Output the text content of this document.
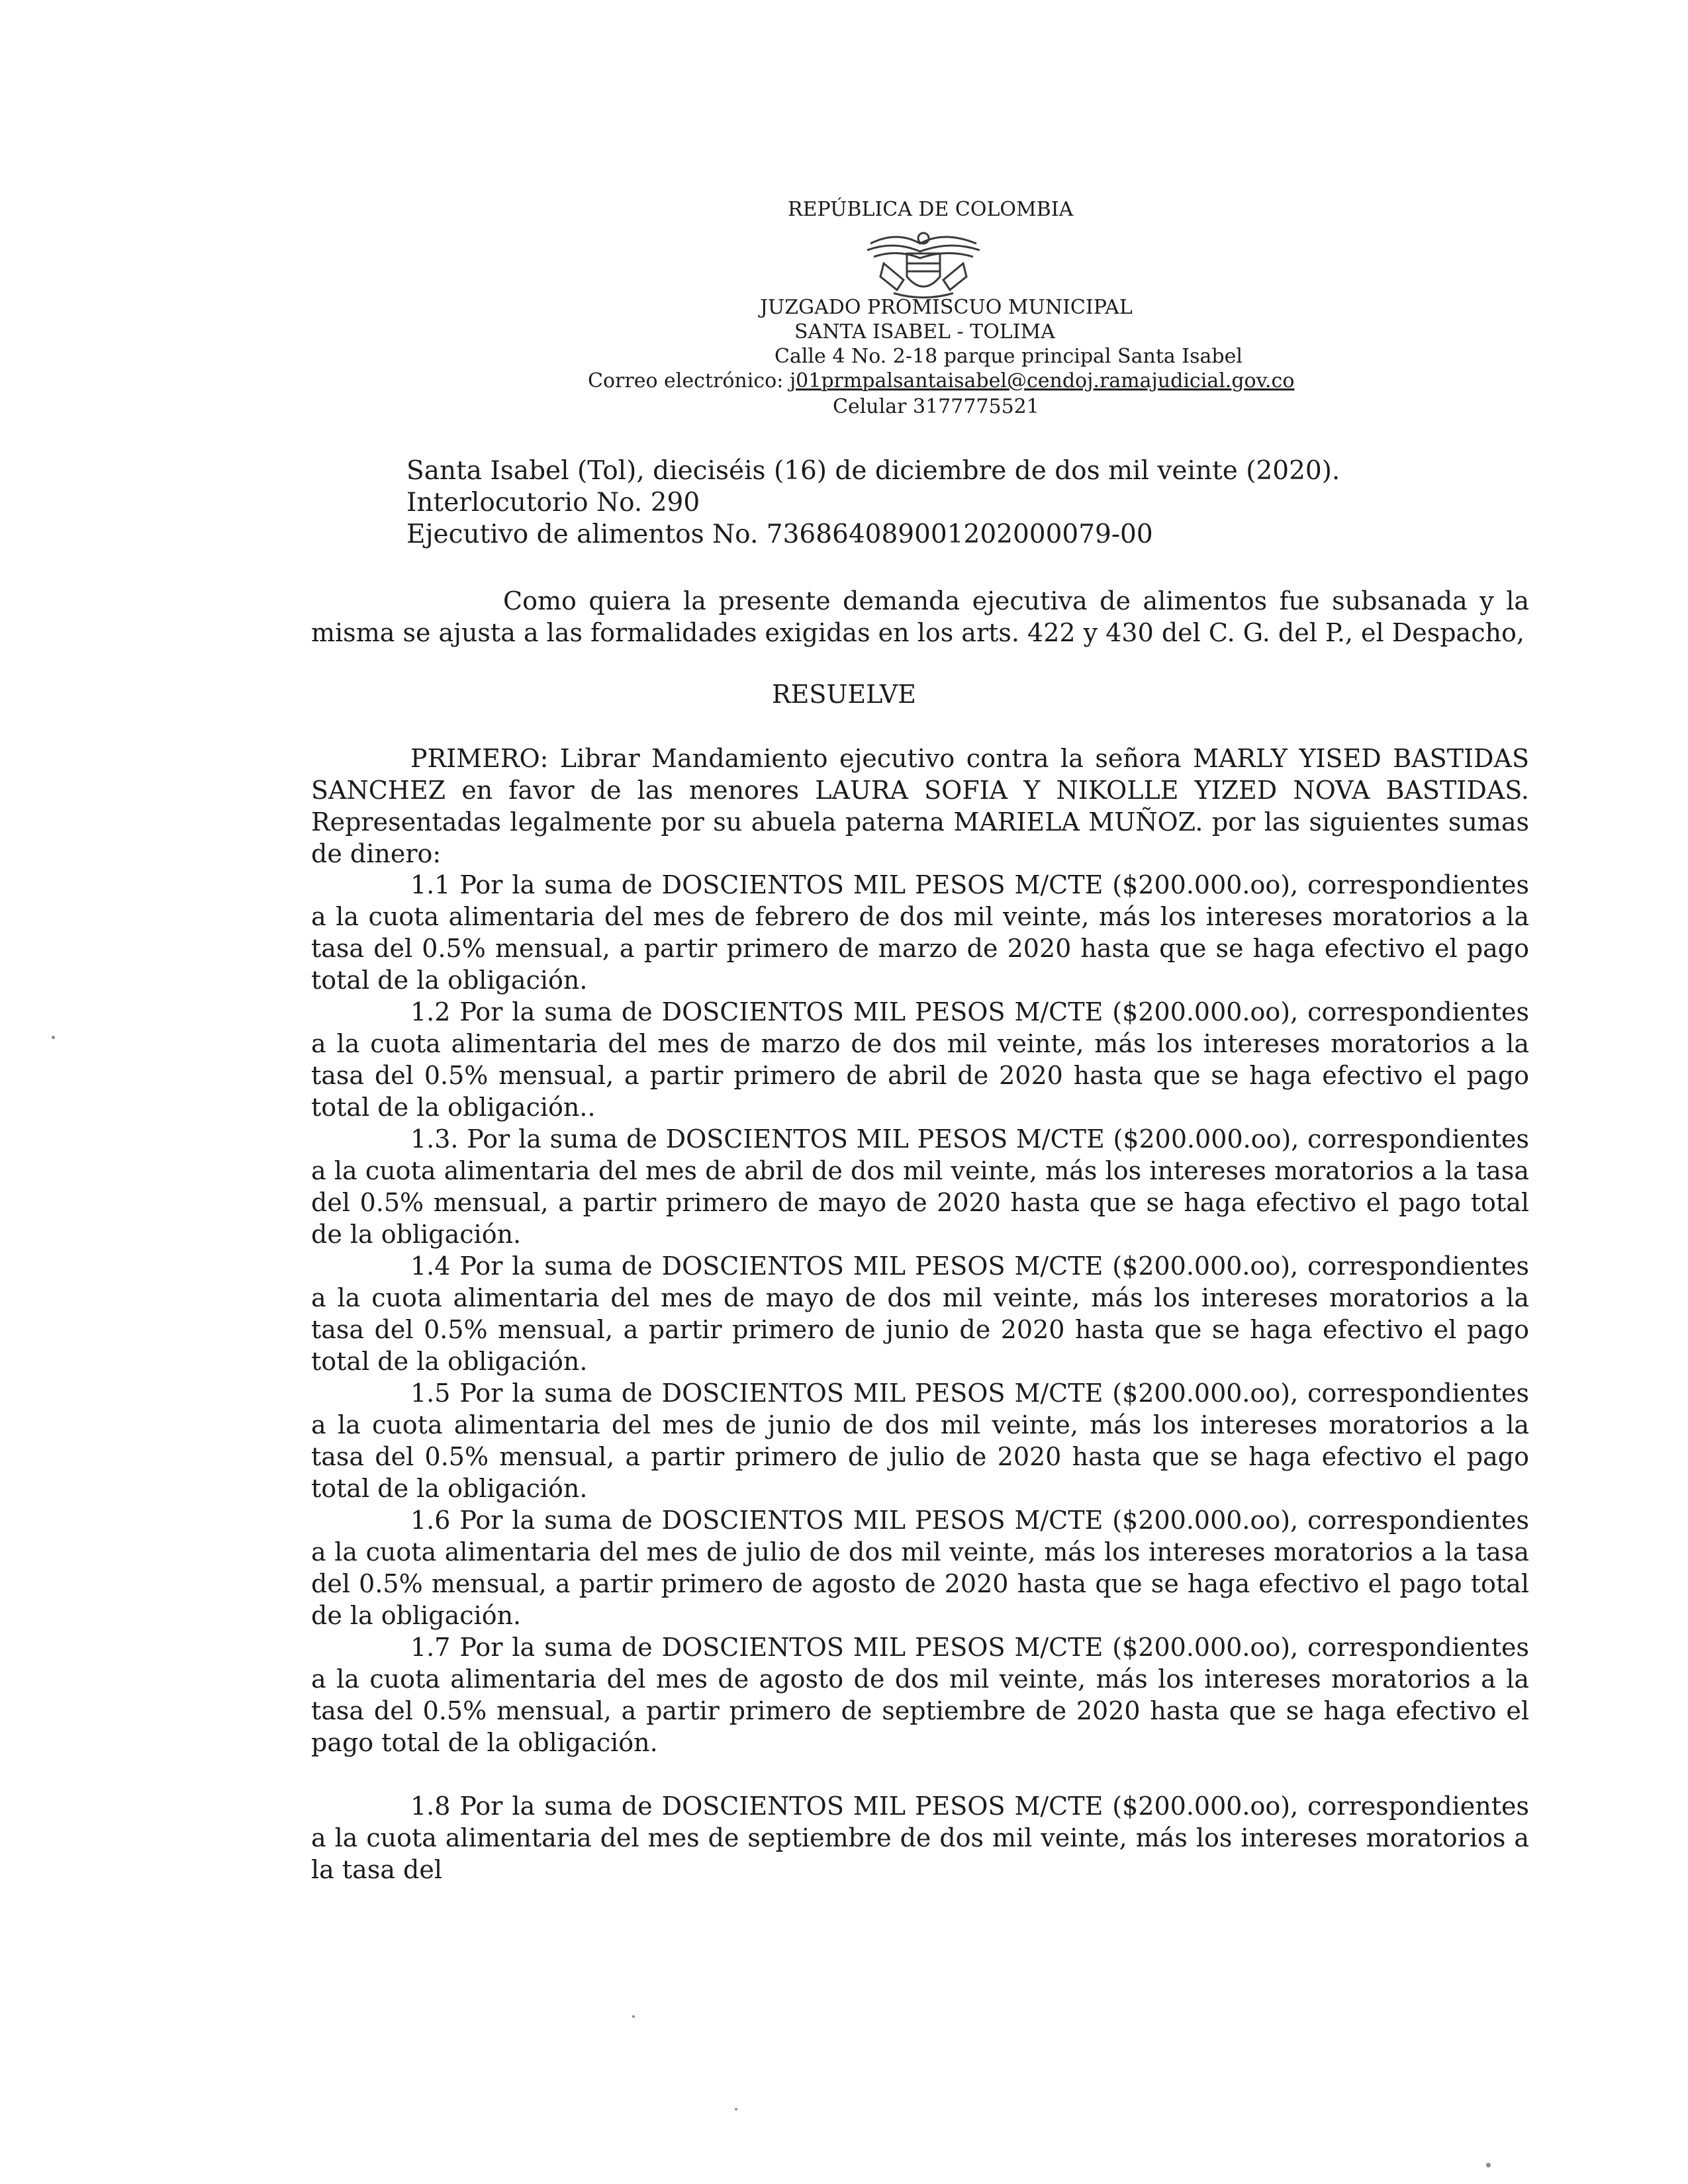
REPÚBLICA DE COLOMBIA
JUZGADO PROMISCUO MUNICIPAL
SANTA ISABEL - TOLIMA
Calle 4 No. 2-18 parque principal Santa Isabel
Correo electrónico: j01prmpalsantaisabel@cendoj.ramajudicial.gov.co
Celular 3177775521
Santa Isabel (Tol), dieciséis (16) de diciembre de dos mil veinte (2020).
Interlocutorio No. 290
Ejecutivo de alimentos No. 736864089001202000079-00
Como quiera la presente demanda ejecutiva de alimentos fue subsanada y la misma se ajusta a las formalidades exigidas en los arts. 422 y 430 del C. G. del P., el Despacho,
RESUELVE
PRIMERO: Librar Mandamiento ejecutivo contra la señora MARLY YISED BASTIDAS SANCHEZ en favor de las menores LAURA SOFIA Y NIKOLLE YIZED NOVA BASTIDAS. Representadas legalmente por su abuela paterna MARIELA MUÑOZ. por las siguientes sumas de dinero:
1.1 Por la suma de DOSCIENTOS MIL PESOS M/CTE ($200.000.oo), correspondientes a la cuota alimentaria del mes de febrero de dos mil veinte, más los intereses moratorios a la tasa del 0.5% mensual, a partir primero de marzo de 2020 hasta que se haga efectivo el pago total de la obligación.
1.2 Por la suma de DOSCIENTOS MIL PESOS M/CTE ($200.000.oo), correspondientes a la cuota alimentaria del mes de marzo de dos mil veinte, más los intereses moratorios a la tasa del 0.5% mensual, a partir primero de abril de 2020 hasta que se haga efectivo el pago total de la obligación..
1.3. Por la suma de DOSCIENTOS MIL PESOS M/CTE ($200.000.oo), correspondientes a la cuota alimentaria del mes de abril de dos mil veinte, más los intereses moratorios a la tasa del 0.5% mensual, a partir primero de mayo de 2020 hasta que se haga efectivo el pago total de la obligación.
1.4 Por la suma de DOSCIENTOS MIL PESOS M/CTE ($200.000.oo), correspondientes a la cuota alimentaria del mes de mayo de dos mil veinte, más los intereses moratorios a la tasa del 0.5% mensual, a partir primero de junio de 2020 hasta que se haga efectivo el pago total de la obligación.
1.5 Por la suma de DOSCIENTOS MIL PESOS M/CTE ($200.000.oo), correspondientes a la cuota alimentaria del mes de junio de dos mil veinte, más los intereses moratorios a la tasa del 0.5% mensual, a partir primero de julio de 2020 hasta que se haga efectivo el pago total de la obligación.
1.6 Por la suma de DOSCIENTOS MIL PESOS M/CTE ($200.000.oo), correspondientes a la cuota alimentaria del mes de julio de dos mil veinte, más los intereses moratorios a la tasa del 0.5% mensual, a partir primero de agosto de 2020 hasta que se haga efectivo el pago total de la obligación.
1.7 Por la suma de DOSCIENTOS MIL PESOS M/CTE ($200.000.oo), correspondientes a la cuota alimentaria del mes de agosto de dos mil veinte, más los intereses moratorios a la tasa del 0.5% mensual, a partir primero de septiembre de 2020 hasta que se haga efectivo el pago total de la obligación.
1.8 Por la suma de DOSCIENTOS MIL PESOS M/CTE ($200.000.oo), correspondientes a la cuota alimentaria del mes de septiembre de dos mil veinte, más los intereses moratorios a la tasa del
